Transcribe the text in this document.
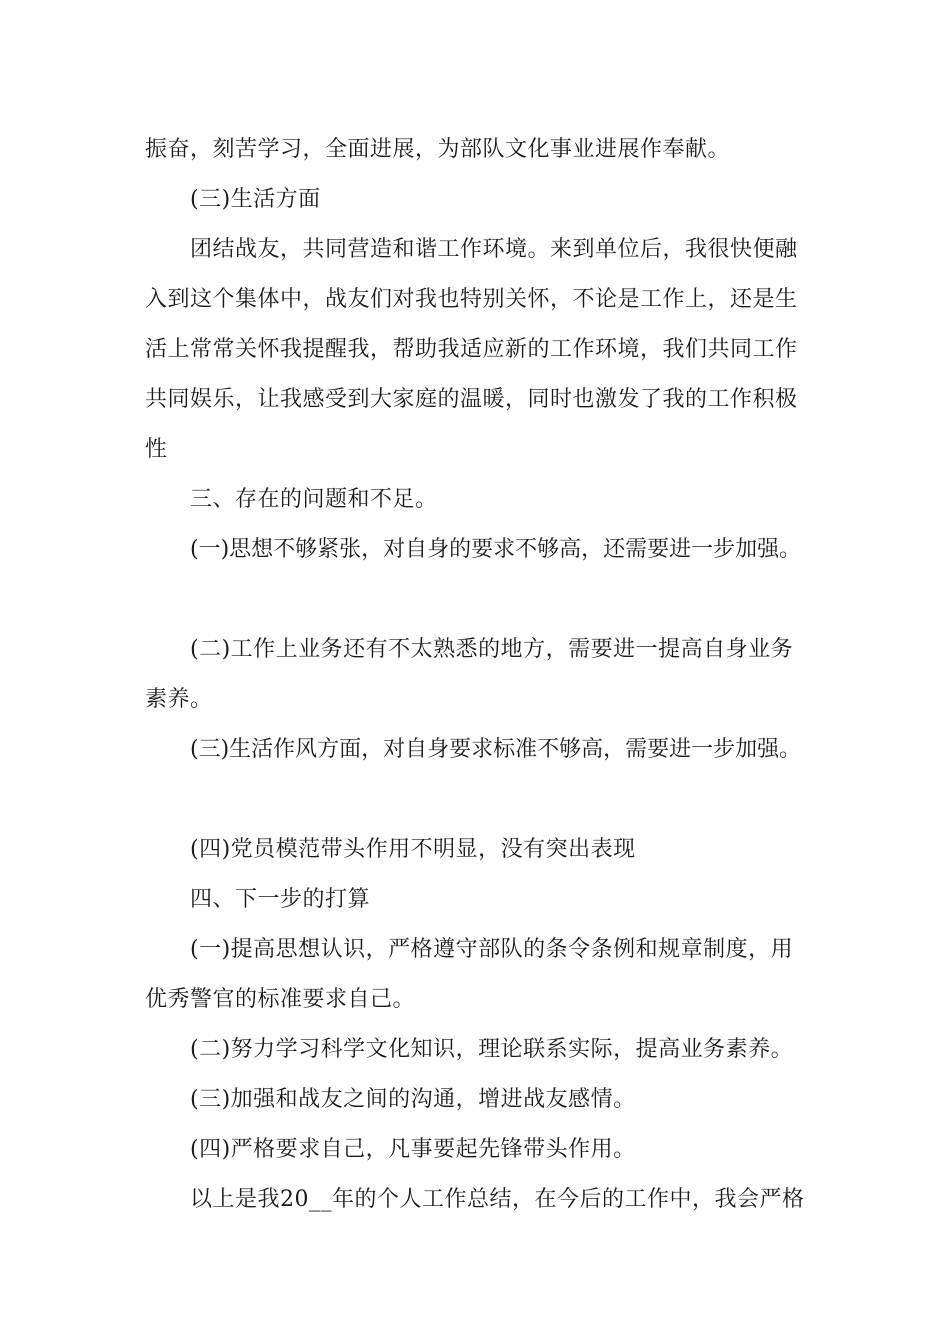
振奋，刻苦学习，全面进展，为部队文化事业进展作奉献。
(三)生活方面
团结战友，共同营造和谐工作环境。来到单位后，我很快便融
入到这个集体中，战友们对我也特别关怀，不论是工作上，还是生
活上常常关怀我提醒我，帮助我适应新的工作环境，我们共同工作
共同娱乐，让我感受到大家庭的温暖，同时也激发了我的工作积极
性
三、存在的问题和不足。
(一)思想不够紧张，对自身的要求不够高，还需要进一步加强。
(二)工作上业务还有不太熟悉的地方，需要进一提高自身业务
素养。
(三)生活作风方面，对自身要求标准不够高，需要进一步加强。
(四)党员模范带头作用不明显，没有突出表现
四、下一步的打算
(一)提高思想认识，严格遵守部队的条令条例和规章制度，用
优秀警官的标准要求自己。
(二)努力学习科学文化知识，理论联系实际，提高业务素养。
(三)加强和战友之间的沟通，增进战友感情。
(四)严格要求自己，凡事要起先锋带头作用。
以上是我20__年的个人工作总结，在今后的工作中，我会严格
